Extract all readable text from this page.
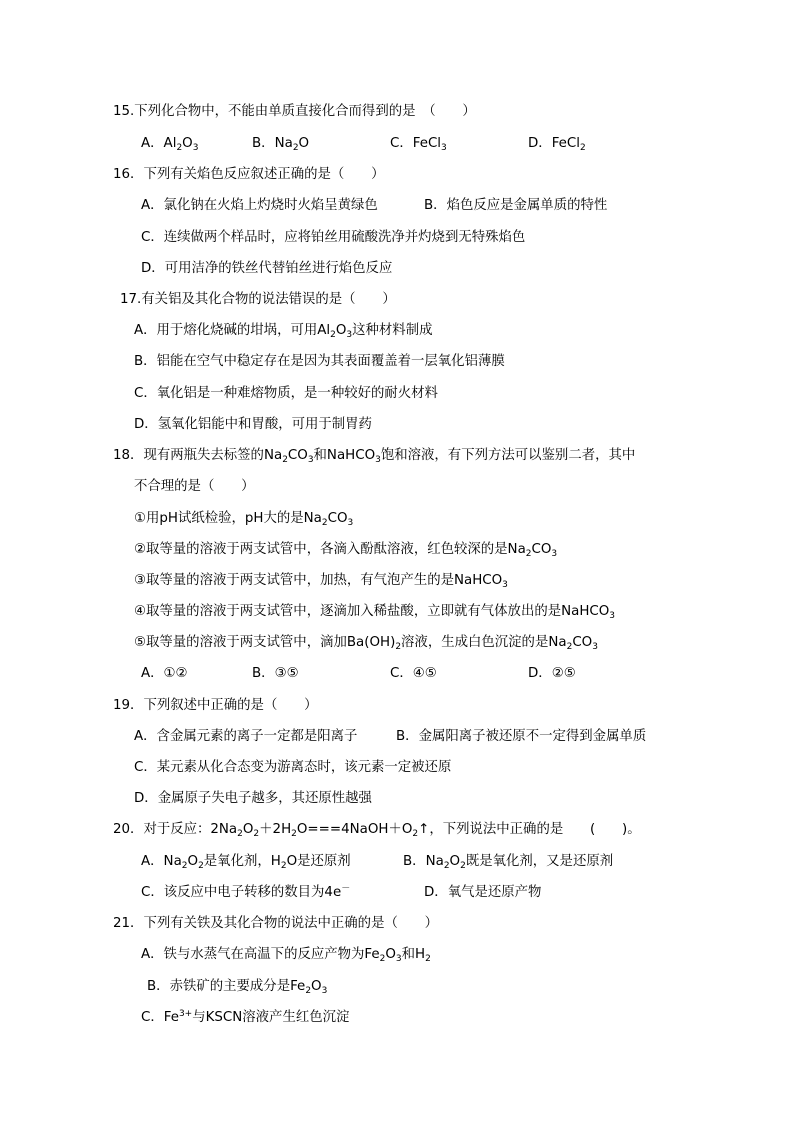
15.下列化合物中，不能由单质直接化合而得到的是　（　　）
A．$Al_2O_3$	B．$Na_2O$	C．FeCl$_3$	D．FeCl$_2$
16．下列有关焰色反应叙述正确的是（　　）
A．氯化钠在火焰上灼烧时火焰呈黄绿色	B．焰色反应是金属单质的特性
C．连续做两个样品时，应将铂丝用硫酸洗净并灼烧到无特殊焰色
D．可用洁净的铁丝代替铂丝进行焰色反应
17.有关铝及其化合物的说法错误的是（　　）
A．用于熔化烧碱的坩埚，可用$Al_2O_3$这种材料制成
B．铝能在空气中稳定存在是因为其表面覆盖着一层氧化铝薄膜
C．氧化铝是一种难熔物质，是一种较好的耐火材料
D．氢氧化铝能中和胃酸，可用于制胃药
18．现有两瓶失去标签的$Na_2CO_3$和NaHCO$_3$饱和溶液，有下列方法可以鉴别二者，其中
不合理的是（　　）
①用pH试纸检验，pH大的是$Na_2CO_3$
②取等量的溶液于两支试管中，各滴入酚酞溶液，红色较深的是$Na_2CO_3$
③取等量的溶液于两支试管中，加热，有气泡产生的是NaHCO$_3$
④取等量的溶液于两支试管中，逐滴加入稀盐酸，立即就有气体放出的是NaHCO$_3$
⑤取等量的溶液于两支试管中，滴加$Ba(OH)_2$溶液，生成白色沉淀的是$Na_2CO_3$
A．①②	B．③⑤	C．④⑤	D．②⑤
19．下列叙述中正确的是（　　）
A．含金属元素的离子一定都是阳离子	B．金属阳离子被还原不一定得到金属单质
C．某元素从化合态变为游离态时，该元素一定被还原
D．金属原子失电子越多，其还原性越强
20．对于反应：$2Na_2O_2+2H_2O===4NaOH+O_2↑$，下列说法中正确的是　　(　　)。
A．$Na_2O_2$是氧化剂，$H_2O$是还原剂	B．$Na_2O_2$既是氧化剂，又是还原剂
C．该反应中电子转移的数目为4e－	D．氧气是还原产物
21．下列有关铁及其化合物的说法中正确的是（　　）
A．铁与水蒸气在高温下的反应产物为$Fe_2O_3$和$H_2$
B．赤铁矿的主要成分是$Fe_2O_3$
C．$Fe^{3+}$与KSCN溶液产生红色沉淀
